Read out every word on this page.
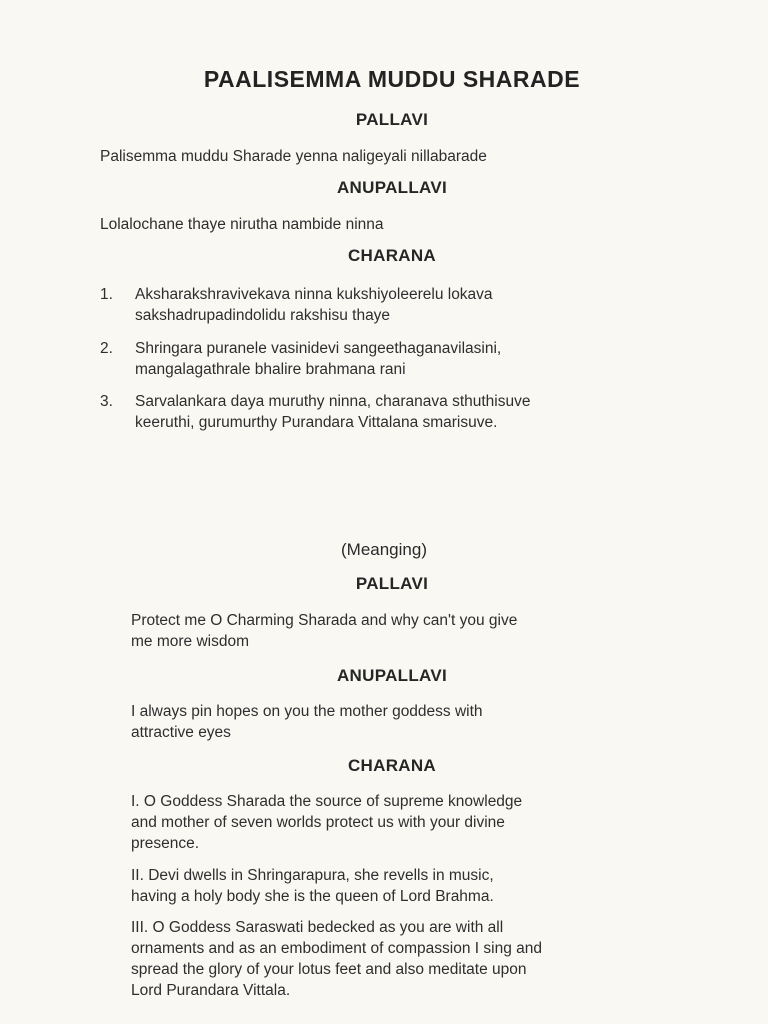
PAALISEMMA MUDDU SHARADE
PALLAVI
Palisemma muddu Sharade yenna naligeyali nillabarade
ANUPALLAVI
Lolalochane thaye nirutha nambide ninna
CHARANA
1.	Aksharakshravivekava ninna kukshiyoleerelu lokava
sakshadrupadindolidu rakshisu thaye
2.	Shringara puranele vasinidevi sangeethaganavilasini,
mangalagathrale bhalire brahmana rani
3.	Sarvalankara daya muruthy ninna, charanava sthuthisuve
keeruthi, gurumurthy Purandara Vittalana smarisuve.
(Meanging)
PALLAVI
Protect me O Charming Sharada and why can't you give
me more wisdom
ANUPALLAVI
I always pin hopes on you the mother goddess with
attractive eyes
CHARANA
I. O Goddess Sharada the source of supreme knowledge
and mother of seven worlds protect us with your divine
presence.
II. Devi dwells in Shringarapura, she revells in music,
having a holy body she is the queen of Lord Brahma.
III. O Goddess Saraswati bedecked as you are with all
ornaments and as an embodiment of compassion I sing and
spread the glory of your lotus feet and also meditate upon
Lord Purandara Vittala.
